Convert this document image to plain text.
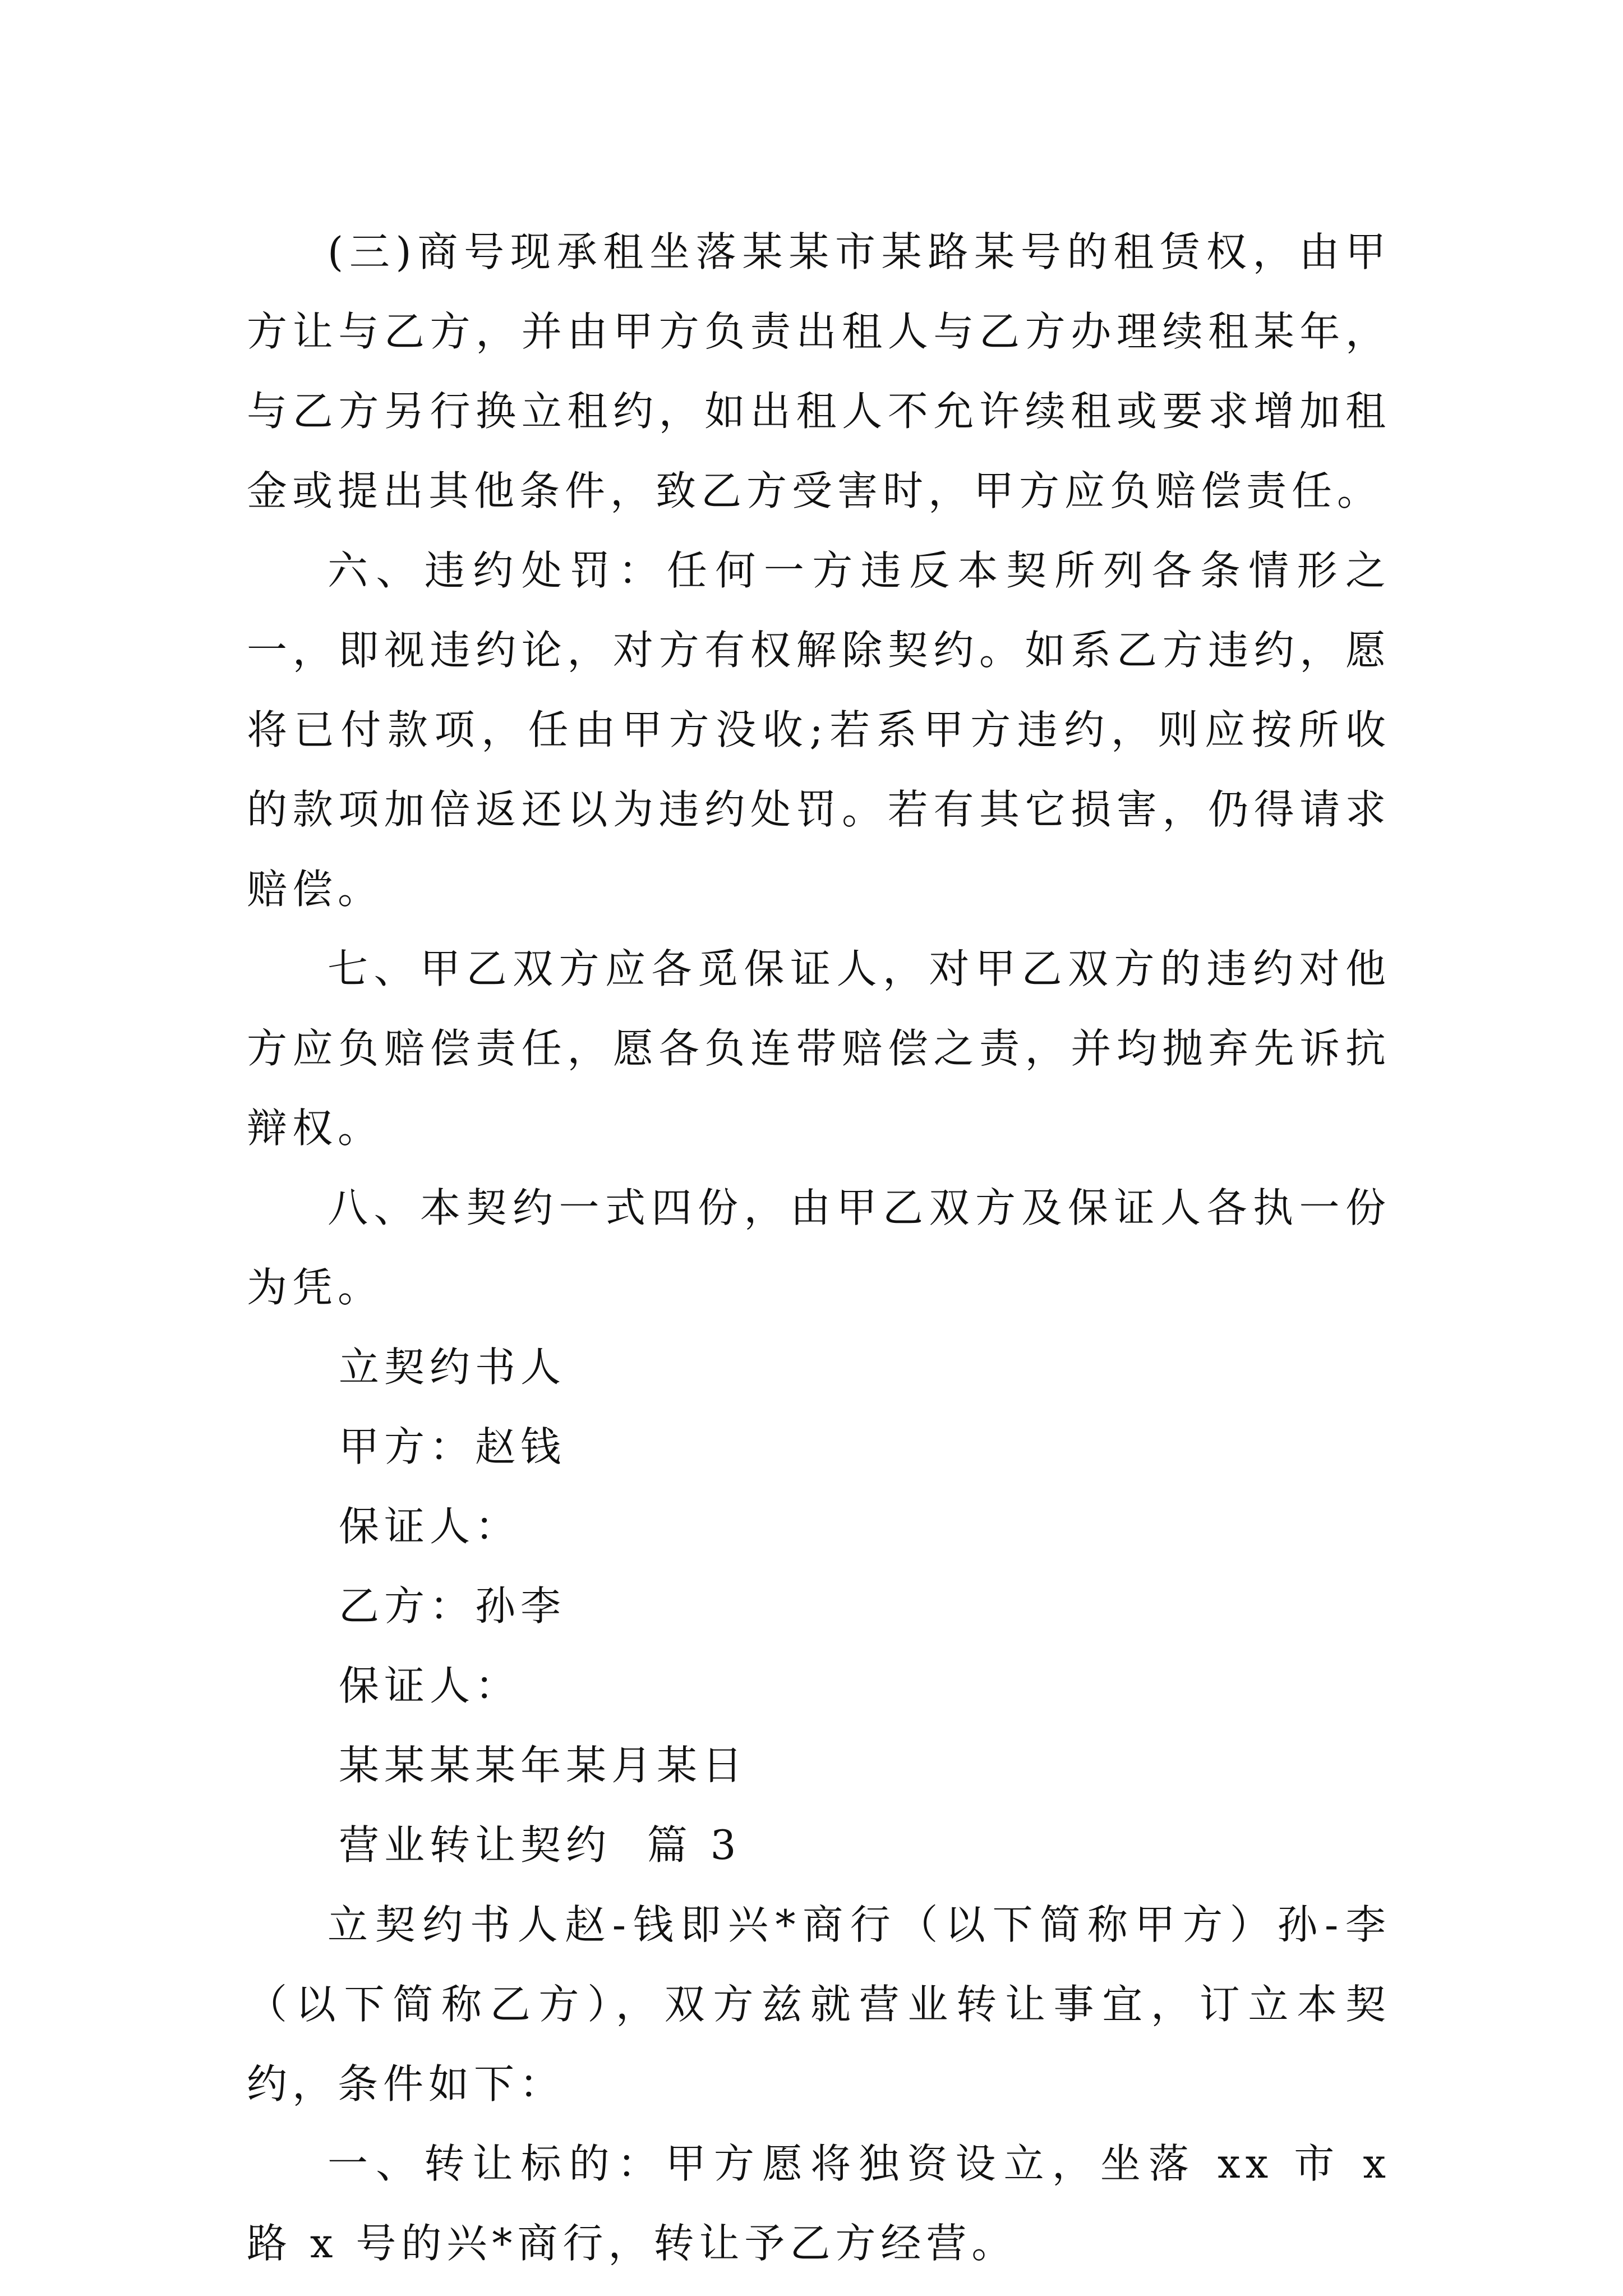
(三)商号现承租坐落某某市某路某号的租赁权，由甲方让与乙方，并由甲方负责出租人与乙方办理续租某年，与乙方另行换立租约，如出租人不允许续租或要求增加租金或提出其他条件，致乙方受害时，甲方应负赔偿责任。

六、违约处罚：任何一方违反本契所列各条情形之一，即视违约论，对方有权解除契约。如系乙方违约，愿将已付款项，任由甲方没收;若系甲方违约，则应按所收的款项加倍返还以为违约处罚。若有其它损害，仍得请求赔偿。

七、甲乙双方应各觅保证人，对甲乙双方的违约对他方应负赔偿责任，愿各负连带赔偿之责，并均抛弃先诉抗辩权。

八、本契约一式四份，由甲乙双方及保证人各执一份为凭。

立契约书人

甲方：赵钱

保证人：

乙方：孙李

保证人：

某某某某年某月某日

营业转让契约  篇 3

立契约书人赵-钱即兴*商行（以下简称甲方）孙-李（以下简称乙方），双方兹就营业转让事宜，订立本契约，条件如下：

一、转让标的：甲方愿将独资设立，坐落 xx 市 x 路 x 号的兴*商行，转让予乙方经营。
